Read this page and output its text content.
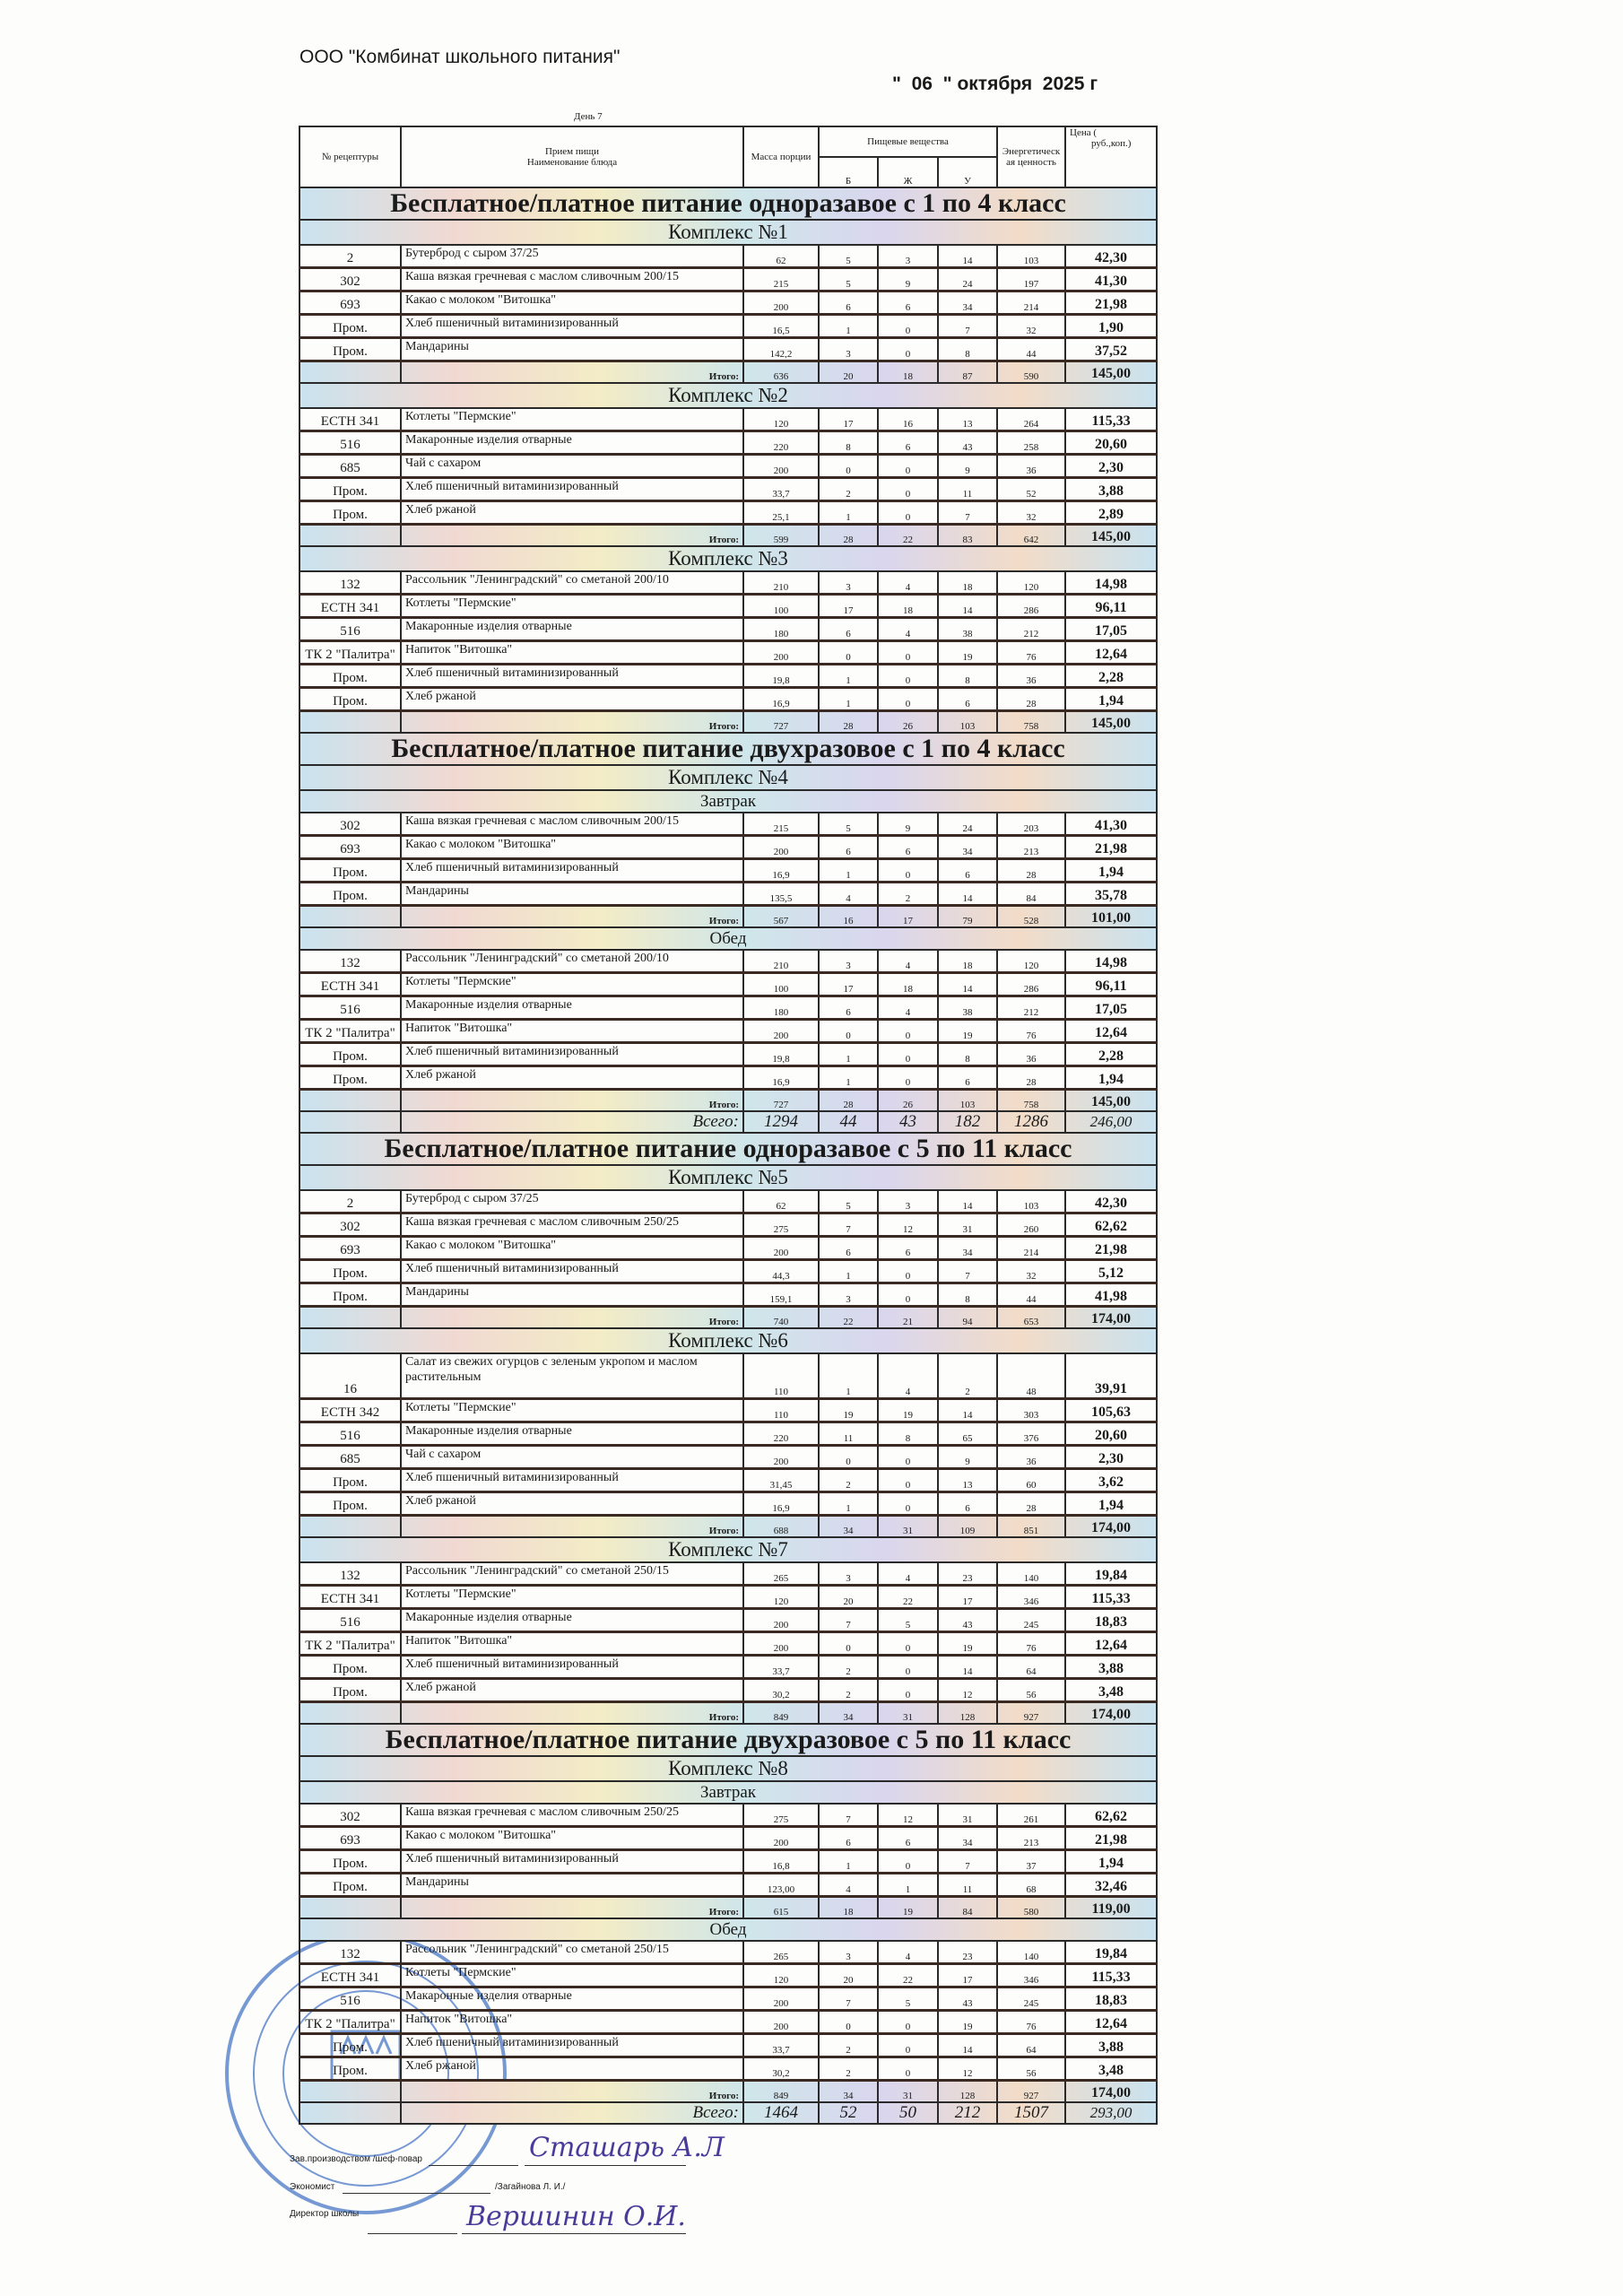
ООО "Комбинат школьного питания"
"  06  " октября  2025 г
День 7
№ рецептуры	Прием пищи
Наименование блюда	Масса порции	Пищевые вещества			Энергетическ
ая ценность	Цена (
руб.,коп.)
			Б	Ж	У		
Бесплатное/платное питание одноразавое с 1 по 4 класс							
Комплекс №1							
2	Бутерброд с сыром 37/25	62	5	3	14	103	42,30
302	Каша вязкая гречневая с маслом сливочным 200/15	215	5	9	24	197	41,30
693	Какао с молоком "Витошка"	200	6	6	34	214	21,98
Пром.	Хлеб пшеничный витаминизированный	16,5	1	0	7	32	1,90
Пром.	Мандарины	142,2	3	0	8	44	37,52
	Итого:	636	20	18	87	590	145,00
Комплекс №2							
ЕСТН 341	Котлеты "Пермские"	120	17	16	13	264	115,33
516	Макаронные изделия отварные	220	8	6	43	258	20,60
685	Чай с сахаром	200	0	0	9	36	2,30
Пром.	Хлеб пшеничный витаминизированный	33,7	2	0	11	52	3,88
Пром.	Хлеб ржаной	25,1	1	0	7	32	2,89
	Итого:	599	28	22	83	642	145,00
Комплекс №3							
132	Рассольник "Ленинградский" со сметаной 200/10	210	3	4	18	120	14,98
ЕСТН 341	Котлеты "Пермские"	100	17	18	14	286	96,11
516	Макаронные изделия отварные	180	6	4	38	212	17,05
ТК 2 "Палитра"	Напиток "Витошка"	200	0	0	19	76	12,64
Пром.	Хлеб пшеничный витаминизированный	19,8	1	0	8	36	2,28
Пром.	Хлеб ржаной	16,9	1	0	6	28	1,94
	Итого:	727	28	26	103	758	145,00
Бесплатное/платное питание двухразовое с 1 по 4 класс							
Комплекс №4							
Завтрак							
302	Каша вязкая гречневая с маслом сливочным 200/15	215	5	9	24	203	41,30
693	Какао с молоком "Витошка"	200	6	6	34	213	21,98
Пром.	Хлеб пшеничный витаминизированный	16,9	1	0	6	28	1,94
Пром.	Мандарины	135,5	4	2	14	84	35,78
	Итого:	567	16	17	79	528	101,00
Обед							
132	Рассольник "Ленинградский" со сметаной 200/10	210	3	4	18	120	14,98
ЕСТН 341	Котлеты "Пермские"	100	17	18	14	286	96,11
516	Макаронные изделия отварные	180	6	4	38	212	17,05
ТК 2 "Палитра"	Напиток "Витошка"	200	0	0	19	76	12,64
Пром.	Хлеб пшеничный витаминизированный	19,8	1	0	8	36	2,28
Пром.	Хлеб ржаной	16,9	1	0	6	28	1,94
	Итого:	727	28	26	103	758	145,00
	Всего:	1294	44	43	182	1286	246,00
Бесплатное/платное питание одноразавое с 5 по 11 класс							
Комплекс №5							
2	Бутерброд с сыром 37/25	62	5	3	14	103	42,30
302	Каша вязкая гречневая с маслом сливочным 250/25	275	7	12	31	260	62,62
693	Какао с молоком "Витошка"	200	6	6	34	214	21,98
Пром.	Хлеб пшеничный витаминизированный	44,3	1	0	7	32	5,12
Пром.	Мандарины	159,1	3	0	8	44	41,98
	Итого:	740	22	21	94	653	174,00
Комплекс №6							
16	Салат из свежих огурцов с зеленым укропом и маслом растительным	110	1	4	2	48	39,91
ЕСТН 342	Котлеты "Пермские"	110	19	19	14	303	105,63
516	Макаронные изделия отварные	220	11	8	65	376	20,60
685	Чай с сахаром	200	0	0	9	36	2,30
Пром.	Хлеб пшеничный витаминизированный	31,45	2	0	13	60	3,62
Пром.	Хлеб ржаной	16,9	1	0	6	28	1,94
	Итого:	688	34	31	109	851	174,00
Комплекс №7							
132	Рассольник "Ленинградский" со сметаной 250/15	265	3	4	23	140	19,84
ЕСТН 341	Котлеты "Пермские"	120	20	22	17	346	115,33
516	Макаронные изделия отварные	200	7	5	43	245	18,83
ТК 2 "Палитра"	Напиток "Витошка"	200	0	0	19	76	12,64
Пром.	Хлеб пшеничный витаминизированный	33,7	2	0	14	64	3,88
Пром.	Хлеб ржаной	30,2	2	0	12	56	3,48
	Итого:	849	34	31	128	927	174,00
Бесплатное/платное питание двухразовое с 5 по 11 класс							
Комплекс №8							
Завтрак							
302	Каша вязкая гречневая с маслом сливочным 250/25	275	7	12	31	261	62,62
693	Какао с молоком "Витошка"	200	6	6	34	213	21,98
Пром.	Хлеб пшеничный витаминизированный	16,8	1	0	7	37	1,94
Пром.	Мандарины	123,00	4	1	11	68	32,46
	Итого:	615	18	19	84	580	119,00
Обед							
132	Рассольник "Ленинградский" со сметаной 250/15	265	3	4	23	140	19,84
ЕСТН 341	Котлеты "Пермские"	120	20	22	17	346	115,33
516	Макаронные изделия отварные	200	7	5	43	245	18,83
ТК 2 "Палитра"	Напиток "Витошка"	200	0	0	19	76	12,64
Пром.	Хлеб пшеничный витаминизированный	33,7	2	0	14	64	3,88
Пром.	Хлеб ржаной	30,2	2	0	12	56	3,48
	Итого:	849	34	31	128	927	174,00
	Всего:	1464	52	50	212	1507	293,00
Зав.производством /шеф-повар	Сташарь А.Л
Экономист	/Загайнова Л. И./
Директор школы	Вершинин О.И.
